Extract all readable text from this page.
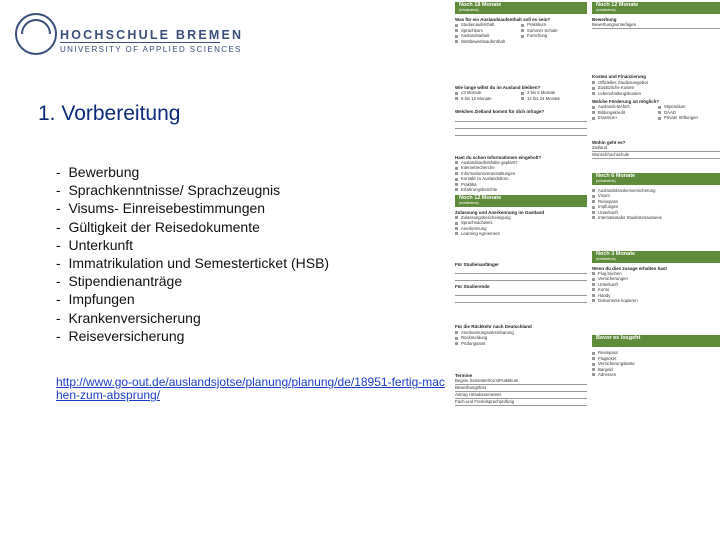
HOCHSCHULE BREMEN
UNIVERSITY OF APPLIED SCIENCES
1. Vorbereitung
- Bewerbung
- Sprachkenntnisse/ Sprachzeugnis
- Visums- Einreisebestimmungen
- Gültigkeit der Reisedokumente
- Unterkunft
- Immatrikulation und Semesterticket (HSB)
- Stipendienanträge
- Impfungen
- Krankenversicherung
- Reiseversicherung
http://www.go-out.de/auslandsjotse/planung/planung/de/18951-fertig-machen-zum-absprung/
Noch 18 Monate
(mindestens)
Was für ein Auslandsaufenthalt soll es sein?
Studienaufenthalt
Sprachkurs
Auslandsarbeit
Wettbewerbsaufenthalt
Praktikum
Sommer Schule
Forschung
Wie lange willst du im Ausland bleiben?
≤3 Monate
6 bis 12 Monate
3 bis 6 Monate
12 bis 24 Monate
Welches Zielland kommt für dich infrage?
Hast du schon Informationen eingeholt?
Auslandsaufenthalte geplant?
Internetrecherche
Informationsveranstaltungen
Kontakt zu Auslandsbüro
Praktika
Erfahrungsberichte
Noch 12 Monate
(mindestens)
Zulassung und Anerkennung im Gastland
Zulassungsbescheinigung
Sprachnachweis
Anerkennung
Learning Agreement
Für Studienanfänger
Für Studierende
Für die Rückkehr nach Deutschland
Anerkennungsvereinbarung
Rückmeldung
Prüfungsamt
Termine
Beginn Semester/Kurs/Praktikum
Bewerbungsfrist
Antrag Urlaubssemester
Fach-und Fremdsprachprüfung
Noch 12 Monate
(mindestens)
Bewerbung
Bewerbungsunterlagen
Kosten und Finanzierung
Offizielles Studienangebot
Zusätzliche Kosten
Lebenshaltungskosten
Welche Förderung ist möglich?
Auslands-BAföG
Bildungskredit
Erasmus+
Stipendium
DAAD
Private Stiftungen
Wohin geht es?
Zielland
Wunschhochschule
Noch 6 Monate
(mindestens)
Auslandskrankenversicherung
Visum
Reisepass
Impfungen
Unterkunft
Internationaler Studentenausweis
Noch 3 Monate
(mindestens)
Wenn du dies zusage erhalten hast
Flug buchen
Versicherungen
Unterkunft
Konto
Handy
Dokumente kopieren
Bevor es losgeht
Reisepass
Flugticket
Versicherungskarte
Bargeld
Adressen
